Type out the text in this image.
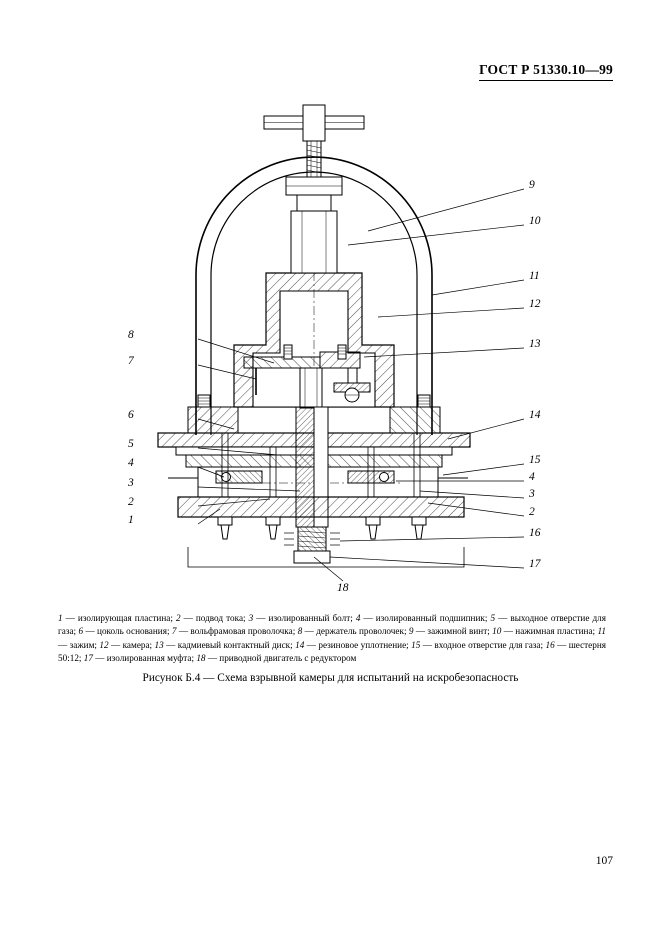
ГОСТ Р 51330.10—99
9
10
11
12
13
14
15
4
3
2
16
17
8
7
6
5
4
3
2
1
18
1 — изолирующая пластина; 2 — подвод тока; 3 — изолированный болт; 4 — изолированный подшипник; 5 — выходное отверстие для газа; 6 — цоколь основания; 7 — вольфрамовая проволочка; 8 — держатель проволочек; 9 — зажимной винт; 10 — нажимная пластина; 11 — зажим; 12 — камера; 13 — кадмиевый контактный диск; 14 — резиновое уплотнение; 15 — входное отверстие для газа; 16 — шестерня 50:12; 17 — изолированная муфта; 18 — приводной двигатель с редуктором
Рисунок Б.4 — Схема взрывной камеры для испытаний на искробезопасность
107
